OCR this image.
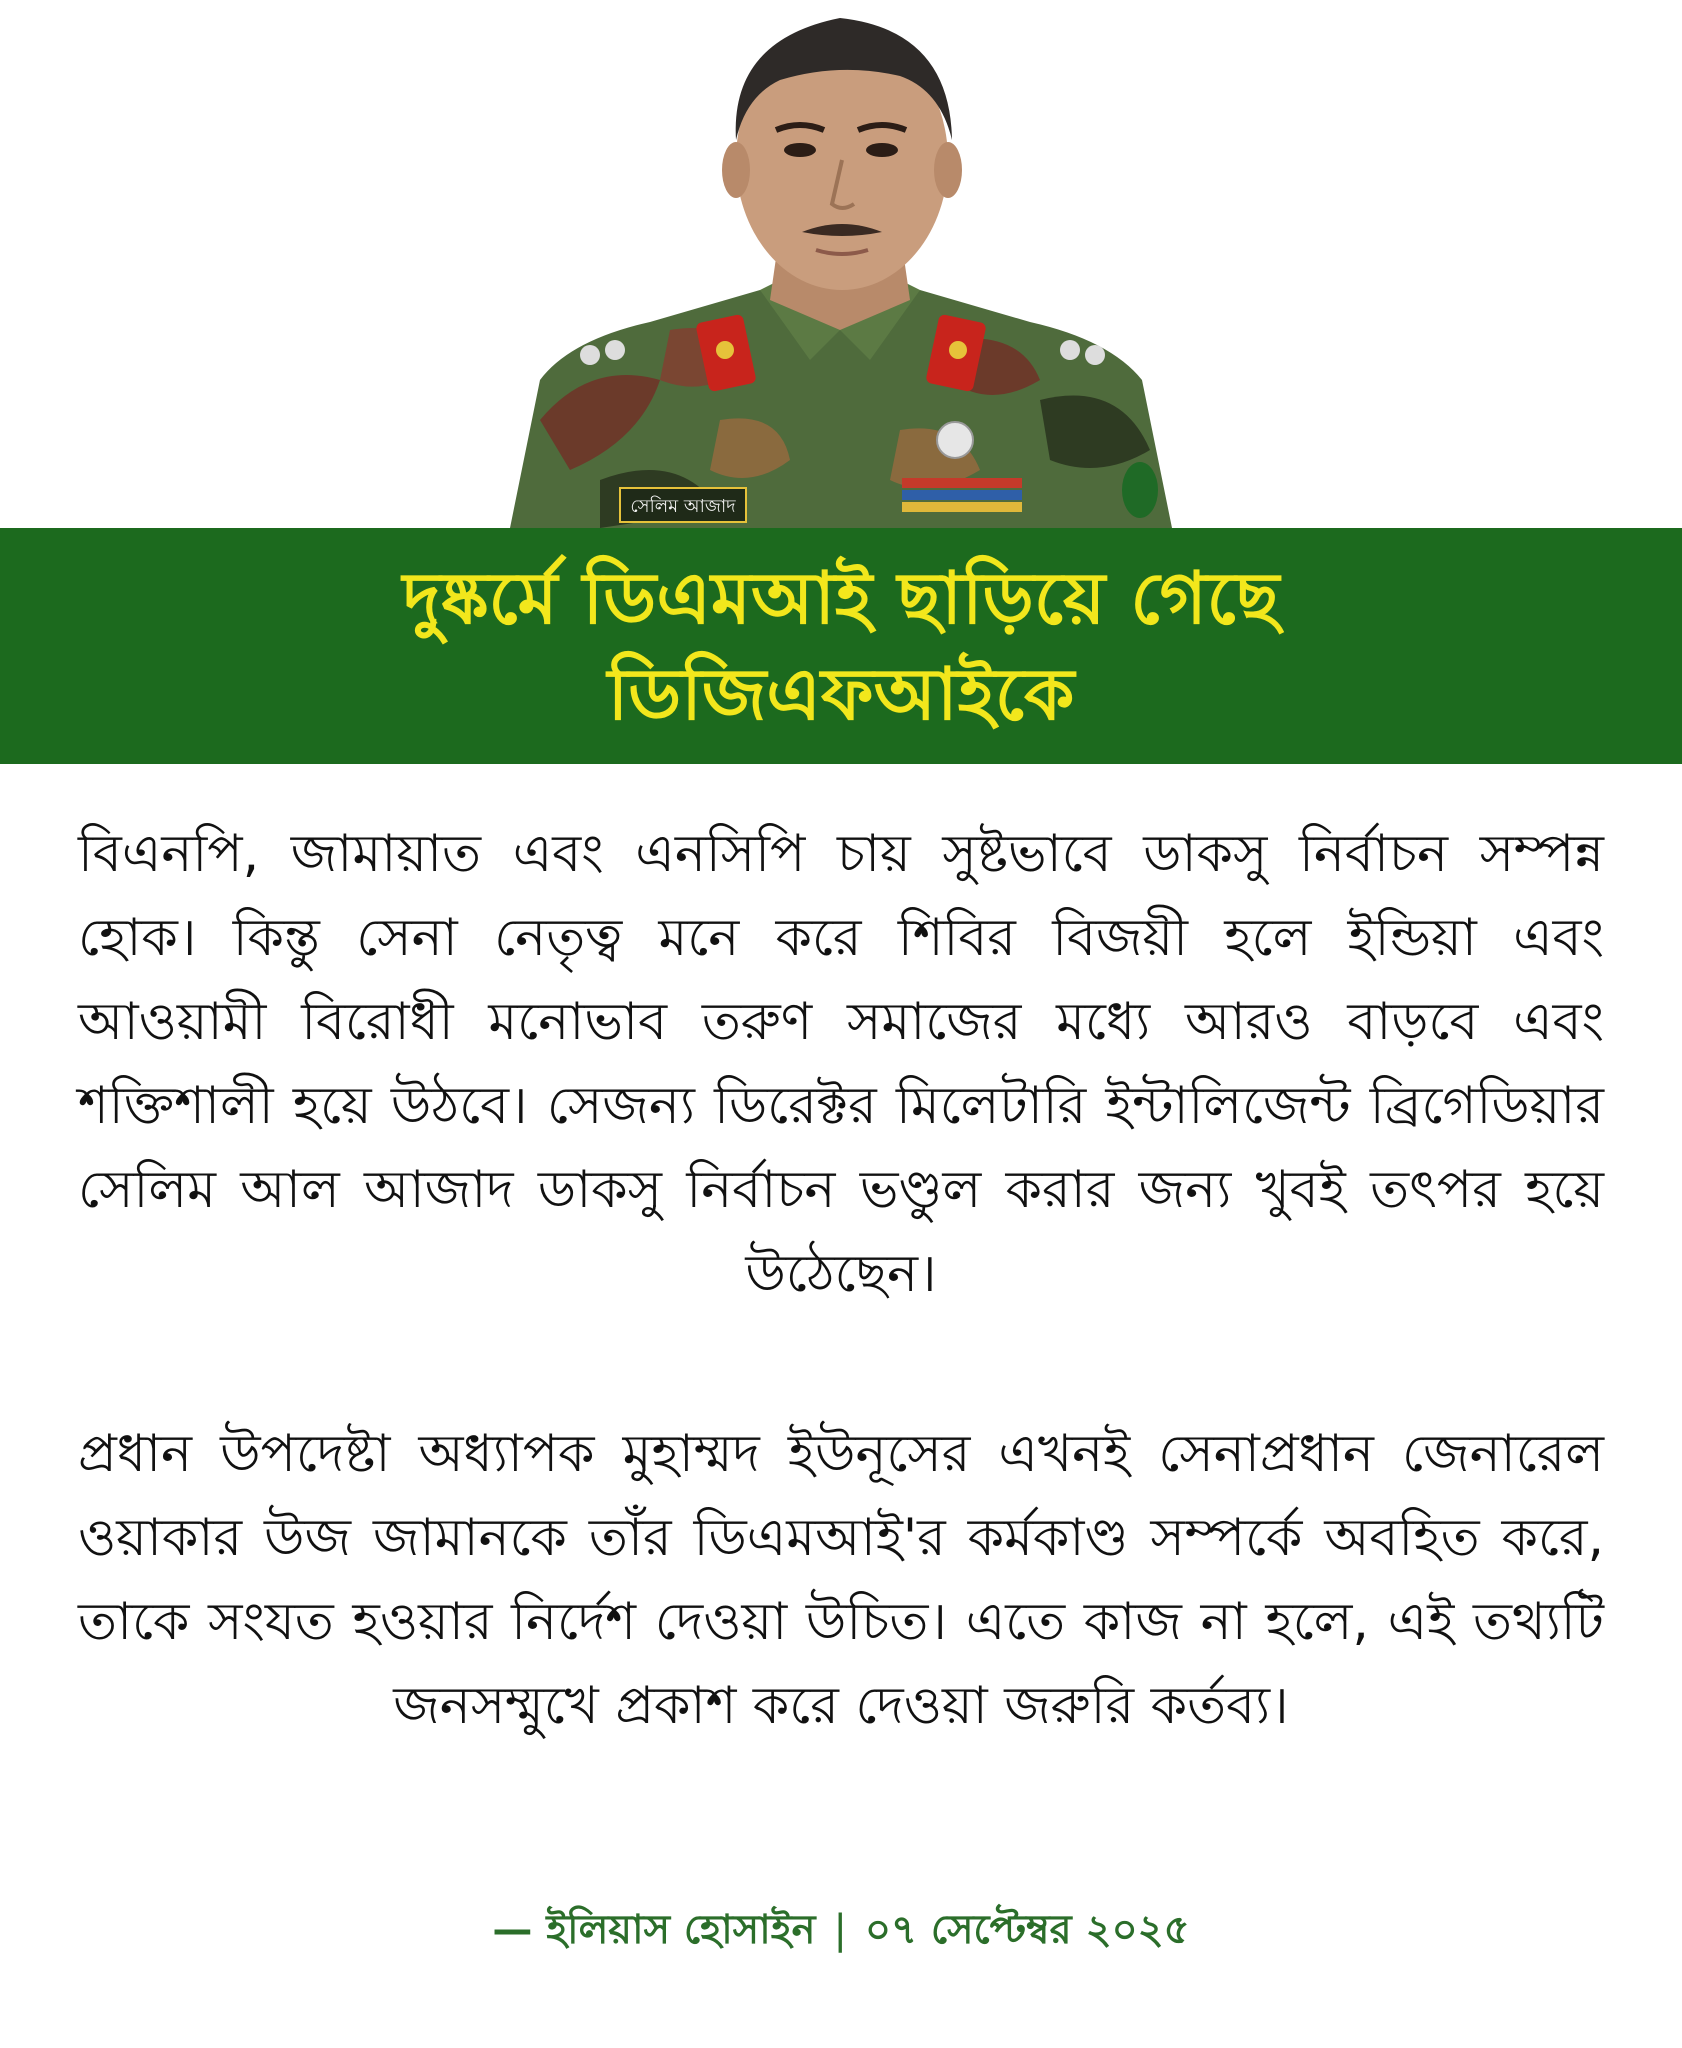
সেলিম আজাদ
দুষ্কর্মে ডিএমআই ছাড়িয়ে গেছে
ডিজিএফআইকে
বিএনপি, জামায়াত এবং এনসিপি চায় সুষ্টভাবে ডাকসু নির্বাচন সম্পন্ন হোক। কিন্তু সেনা নেতৃত্ব মনে করে শিবির বিজয়ী হলে ইন্ডিয়া এবং আওয়ামী বিরোধী মনোভাব তরুণ সমাজের মধ্যে আরও বাড়বে এবং শক্তিশালী হয়ে উঠবে। সেজন্য ডিরেক্টর মিলেটারি ইন্টালিজেন্ট ব্রিগেডিয়ার সেলিম আল আজাদ ডাকসু নির্বাচন ভণ্ডুল করার জন্য খুবই তৎপর হয়ে উঠেছেন।
প্রধান উপদেষ্টা অধ্যাপক মুহাম্মদ ইউনূসের এখনই সেনাপ্রধান জেনারেল ওয়াকার উজ জামানকে তাঁর ডিএমআই'র কর্মকাণ্ড সম্পর্কে অবহিত করে, তাকে সংযত হওয়ার নির্দেশ দেওয়া উচিত। এতে কাজ না হলে, এই তথ্যটি জনসম্মুখে প্রকাশ করে দেওয়া জরুরি কর্তব্য।
— ইলিয়াস হোসাইন | ০৭ সেপ্টেম্বর ২০২৫
